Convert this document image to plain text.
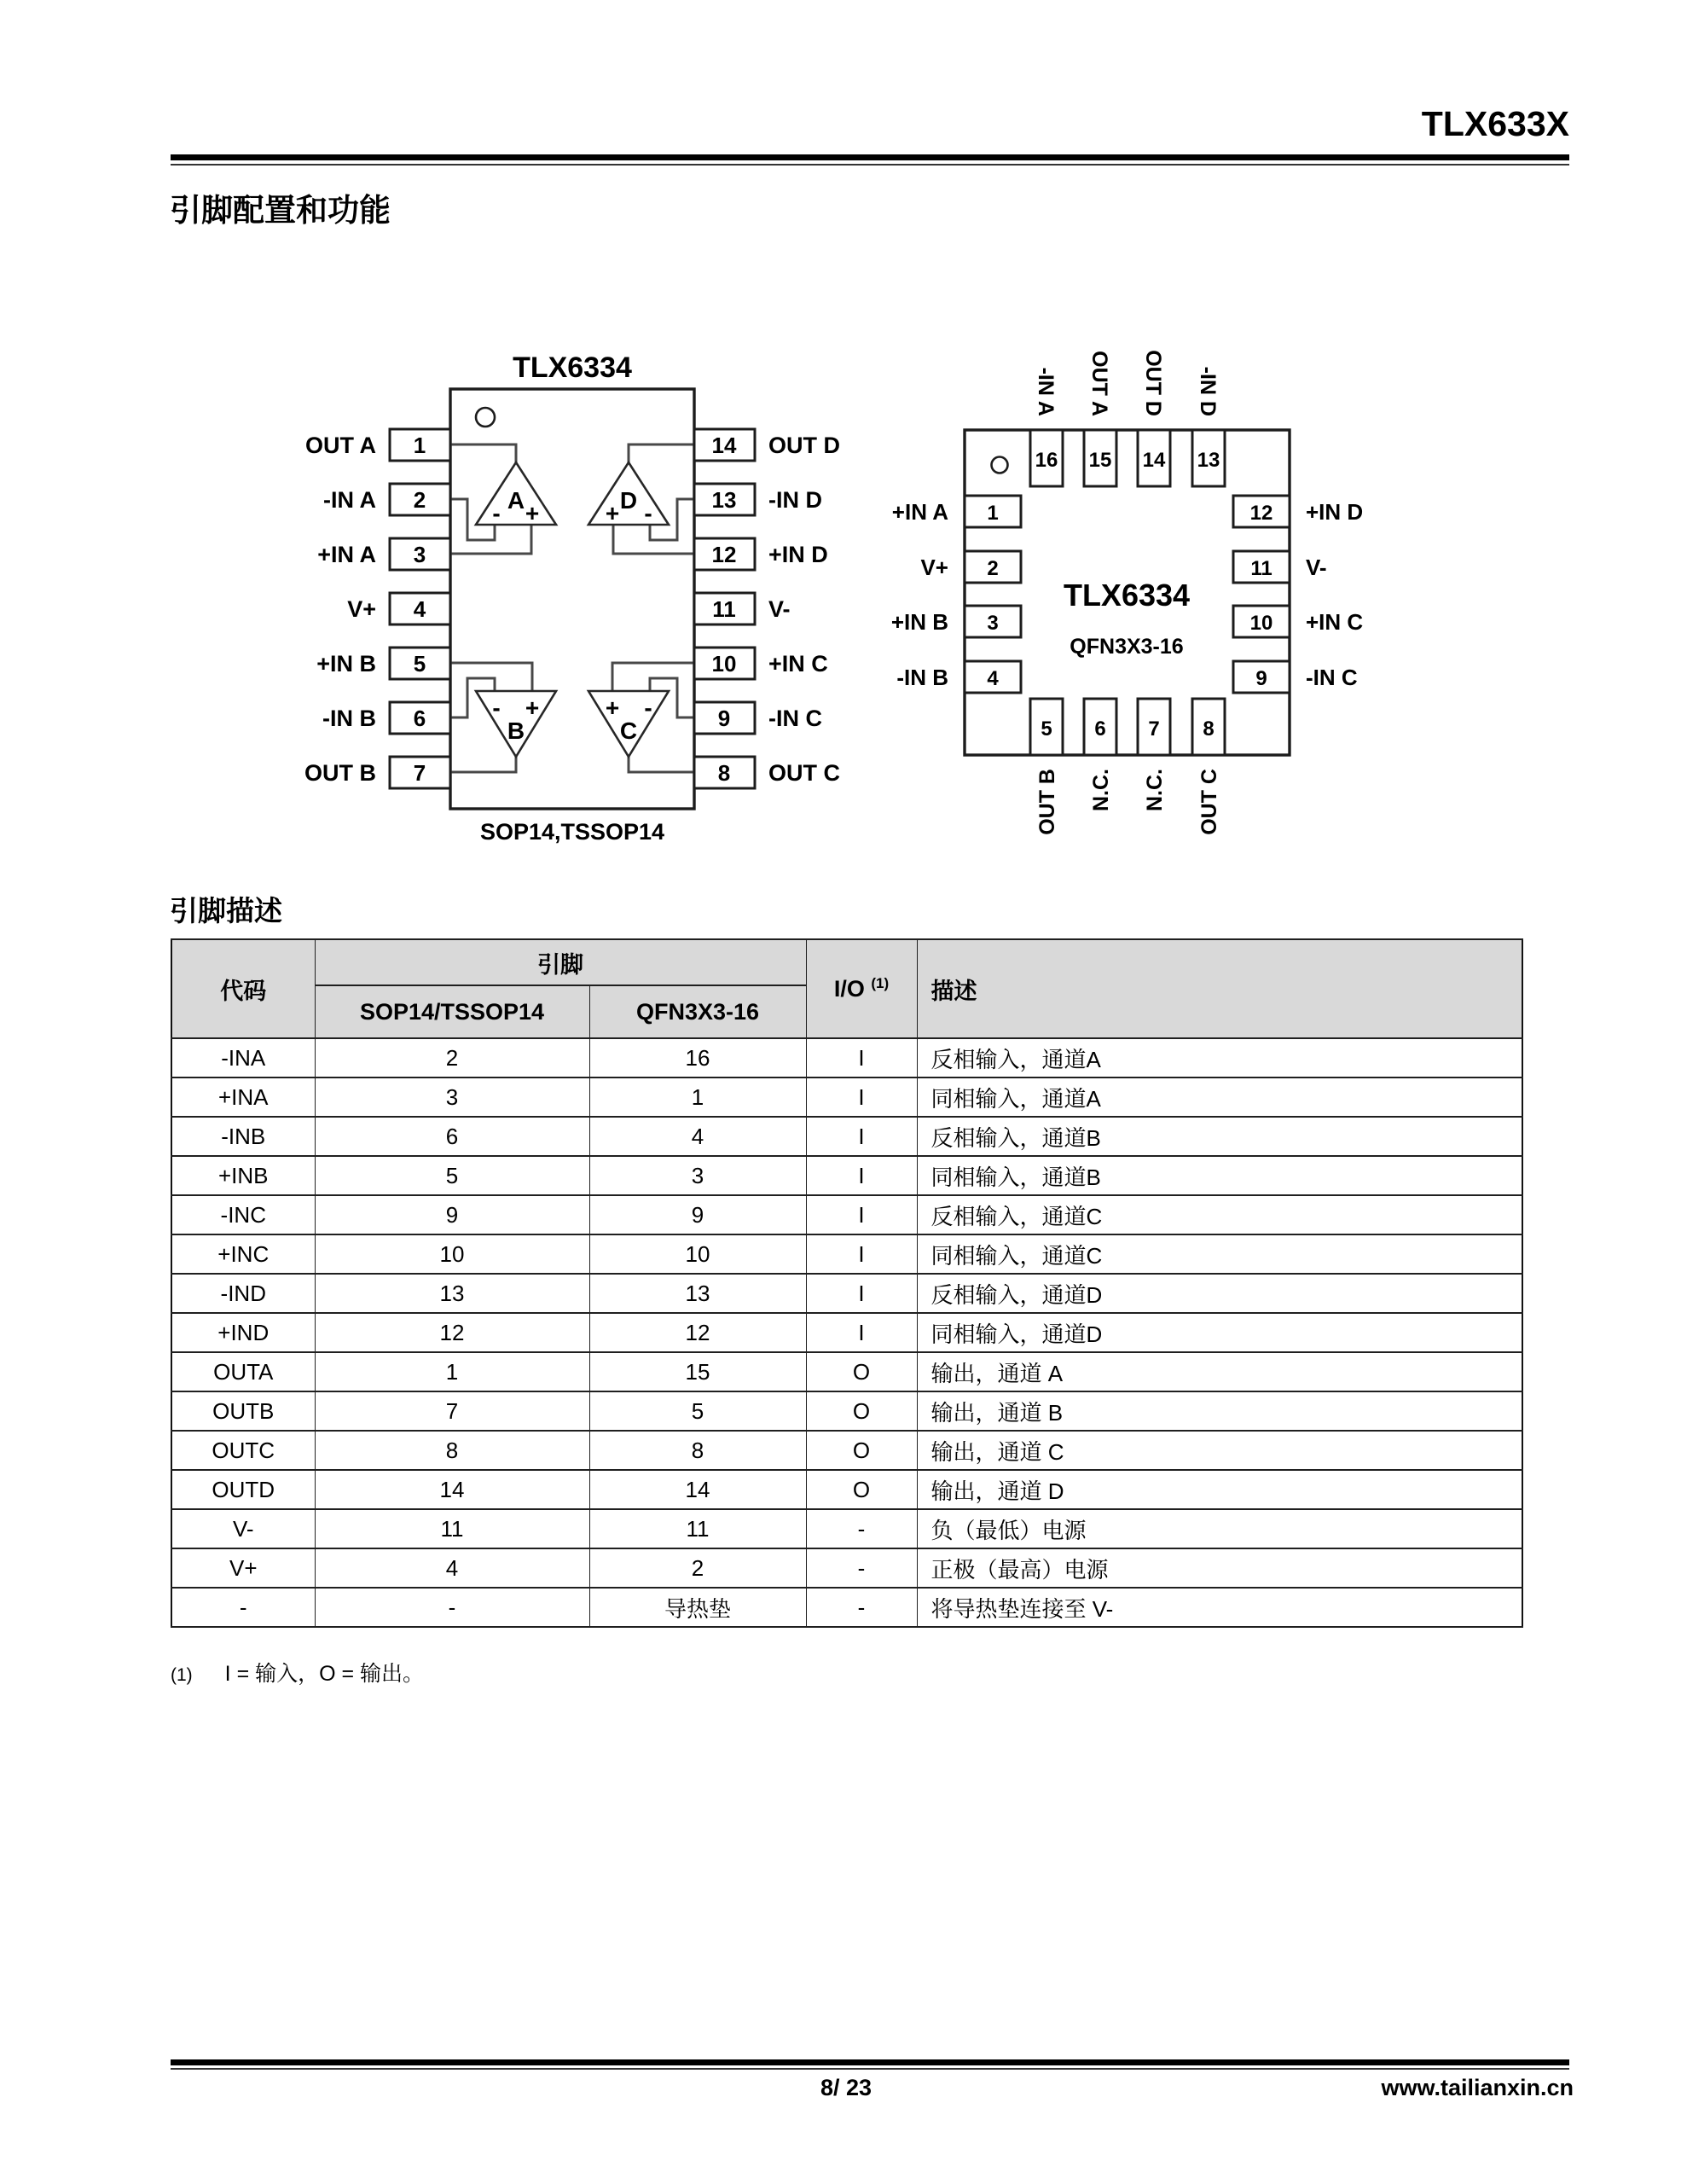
TLX633X
引脚配置和功能
TLX6334
A	D
B	C
- +	+ -
- +	+ -
1
2
3
4
5
6
7
OUT A
-IN A
+IN A
V+
+IN B
-IN B
OUT B
14
13
12
11
10
9
8
OUT D
-IN D
+IN D
V-
+IN C
-IN C
OUT C
SOP14,TSSOP14
TLX6334
QFN3X3-16
16 15 14 13
-IN A OUT A OUT D -IN D
5 6 7 8
OUT B N.C. N.C. OUT C
1
2
3
4
+IN A
V+
+IN B
-IN B
12
11
10
9
+IN D
V-
+IN C
-IN C
引脚描述
代码	引脚		I/O $^{(1)}$	描述
	SOP14/TSSOP14	QFN3X3-16		
-INA	2	16	I	反相输入，通道A
+INA	3	1	I	同相输入，通道A
-INB	6	4	I	反相输入，通道B
+INB	5	3	I	同相输入，通道B
-INC	9	9	I	反相输入，通道C
+INC	10	10	I	同相输入，通道C
-IND	13	13	I	反相输入，通道D
+IND	12	12	I	同相输入，通道D
OUTA	1	15	O	输出，通道 A
OUTB	7	5	O	输出，通道 B
OUTC	8	8	O	输出，通道 C
OUTD	14	14	O	输出，通道 D
V-	11	11	-	负（最低）电源
V+	4	2	-	正极（最高）电源
-	-	导热垫	-	将导热垫连接至 V-
(1) I = 输入，O = 输出。
8/ 23	www.tailianxin.cn
